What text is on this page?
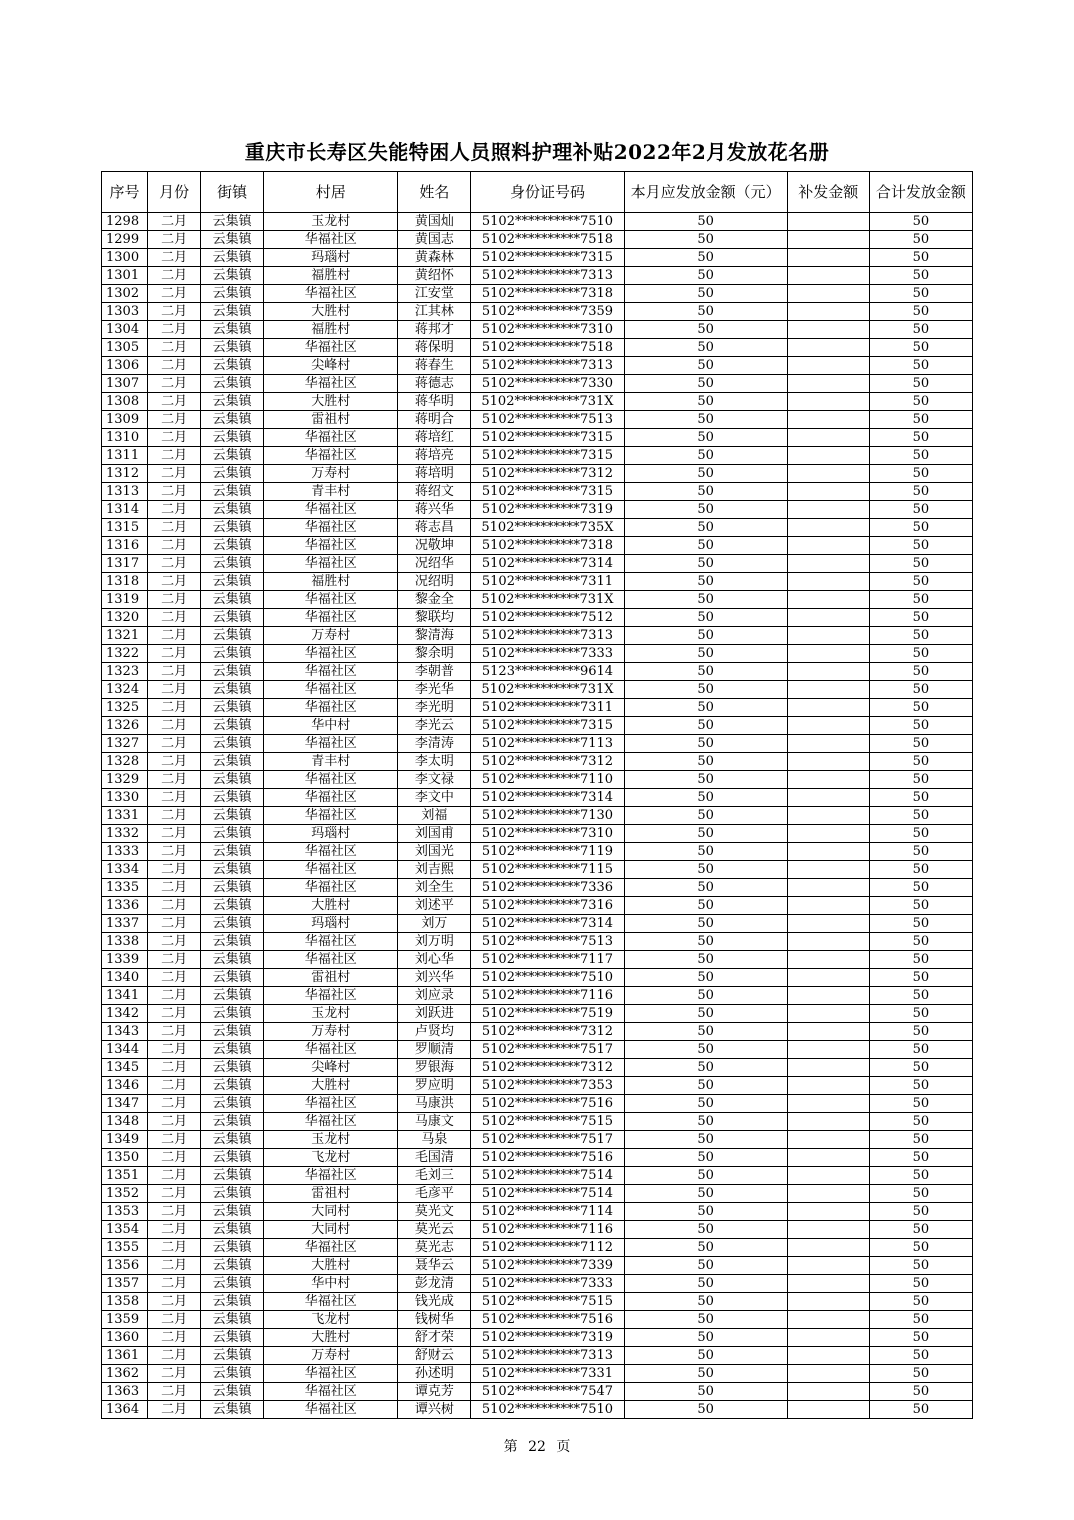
重庆市长寿区失能特困人员照料护理补贴2022年2月发放花名册
序号	月份	街镇	村居	姓名	身份证号码	本月应发放金额（元）	补发金额	合计发放金额
1298	二月	云集镇	玉龙村	黄国灿	5102**********7510	50		50
1299	二月	云集镇	华福社区	黄国志	5102**********7518	50		50
1300	二月	云集镇	玛瑙村	黄森林	5102**********7315	50		50
1301	二月	云集镇	福胜村	黄绍怀	5102**********7313	50		50
1302	二月	云集镇	华福社区	江安堂	5102**********7318	50		50
1303	二月	云集镇	大胜村	江其林	5102**********7359	50		50
1304	二月	云集镇	福胜村	蒋邦才	5102**********7310	50		50
1305	二月	云集镇	华福社区	蒋保明	5102**********7518	50		50
1306	二月	云集镇	尖峰村	蒋春生	5102**********7313	50		50
1307	二月	云集镇	华福社区	蒋德志	5102**********7330	50		50
1308	二月	云集镇	大胜村	蒋华明	5102**********731X	50		50
1309	二月	云集镇	雷祖村	蒋明合	5102**********7513	50		50
1310	二月	云集镇	华福社区	蒋培红	5102**********7315	50		50
1311	二月	云集镇	华福社区	蒋培亮	5102**********7315	50		50
1312	二月	云集镇	万寿村	蒋培明	5102**********7312	50		50
1313	二月	云集镇	青丰村	蒋绍文	5102**********7315	50		50
1314	二月	云集镇	华福社区	蒋兴华	5102**********7319	50		50
1315	二月	云集镇	华福社区	蒋志昌	5102**********735X	50		50
1316	二月	云集镇	华福社区	况敬坤	5102**********7318	50		50
1317	二月	云集镇	华福社区	况绍华	5102**********7314	50		50
1318	二月	云集镇	福胜村	况绍明	5102**********7311	50		50
1319	二月	云集镇	华福社区	黎金全	5102**********731X	50		50
1320	二月	云集镇	华福社区	黎联均	5102**********7512	50		50
1321	二月	云集镇	万寿村	黎清海	5102**********7313	50		50
1322	二月	云集镇	华福社区	黎余明	5102**********7333	50		50
1323	二月	云集镇	华福社区	李朝普	5123**********9614	50		50
1324	二月	云集镇	华福社区	李光华	5102**********731X	50		50
1325	二月	云集镇	华福社区	李光明	5102**********7311	50		50
1326	二月	云集镇	华中村	李光云	5102**********7315	50		50
1327	二月	云集镇	华福社区	李清涛	5102**********7113	50		50
1328	二月	云集镇	青丰村	李太明	5102**********7312	50		50
1329	二月	云集镇	华福社区	李文禄	5102**********7110	50		50
1330	二月	云集镇	华福社区	李文中	5102**********7314	50		50
1331	二月	云集镇	华福社区	刘福	5102**********7130	50		50
1332	二月	云集镇	玛瑙村	刘国甫	5102**********7310	50		50
1333	二月	云集镇	华福社区	刘国光	5102**********7119	50		50
1334	二月	云集镇	华福社区	刘吉熙	5102**********7115	50		50
1335	二月	云集镇	华福社区	刘全生	5102**********7336	50		50
1336	二月	云集镇	大胜村	刘述平	5102**********7316	50		50
1337	二月	云集镇	玛瑙村	刘万	5102**********7314	50		50
1338	二月	云集镇	华福社区	刘万明	5102**********7513	50		50
1339	二月	云集镇	华福社区	刘心华	5102**********7117	50		50
1340	二月	云集镇	雷祖村	刘兴华	5102**********7510	50		50
1341	二月	云集镇	华福社区	刘应录	5102**********7116	50		50
1342	二月	云集镇	玉龙村	刘跃进	5102**********7519	50		50
1343	二月	云集镇	万寿村	卢贤均	5102**********7312	50		50
1344	二月	云集镇	华福社区	罗顺清	5102**********7517	50		50
1345	二月	云集镇	尖峰村	罗银海	5102**********7312	50		50
1346	二月	云集镇	大胜村	罗应明	5102**********7353	50		50
1347	二月	云集镇	华福社区	马康洪	5102**********7516	50		50
1348	二月	云集镇	华福社区	马康文	5102**********7515	50		50
1349	二月	云集镇	玉龙村	马泉	5102**********7517	50		50
1350	二月	云集镇	飞龙村	毛国清	5102**********7516	50		50
1351	二月	云集镇	华福社区	毛刘三	5102**********7514	50		50
1352	二月	云集镇	雷祖村	毛彦平	5102**********7514	50		50
1353	二月	云集镇	大同村	莫光文	5102**********7114	50		50
1354	二月	云集镇	大同村	莫光云	5102**********7116	50		50
1355	二月	云集镇	华福社区	莫光志	5102**********7112	50		50
1356	二月	云集镇	大胜村	聂华云	5102**********7339	50		50
1357	二月	云集镇	华中村	彭龙清	5102**********7333	50		50
1358	二月	云集镇	华福社区	钱光成	5102**********7515	50		50
1359	二月	云集镇	飞龙村	钱树华	5102**********7516	50		50
1360	二月	云集镇	大胜村	舒才荣	5102**********7319	50		50
1361	二月	云集镇	万寿村	舒财云	5102**********7313	50		50
1362	二月	云集镇	华福社区	孙述明	5102**********7331	50		50
1363	二月	云集镇	华福社区	谭克芳	5102**********7547	50		50
1364	二月	云集镇	华福社区	谭兴树	5102**********7510	50		50
第 22 页
